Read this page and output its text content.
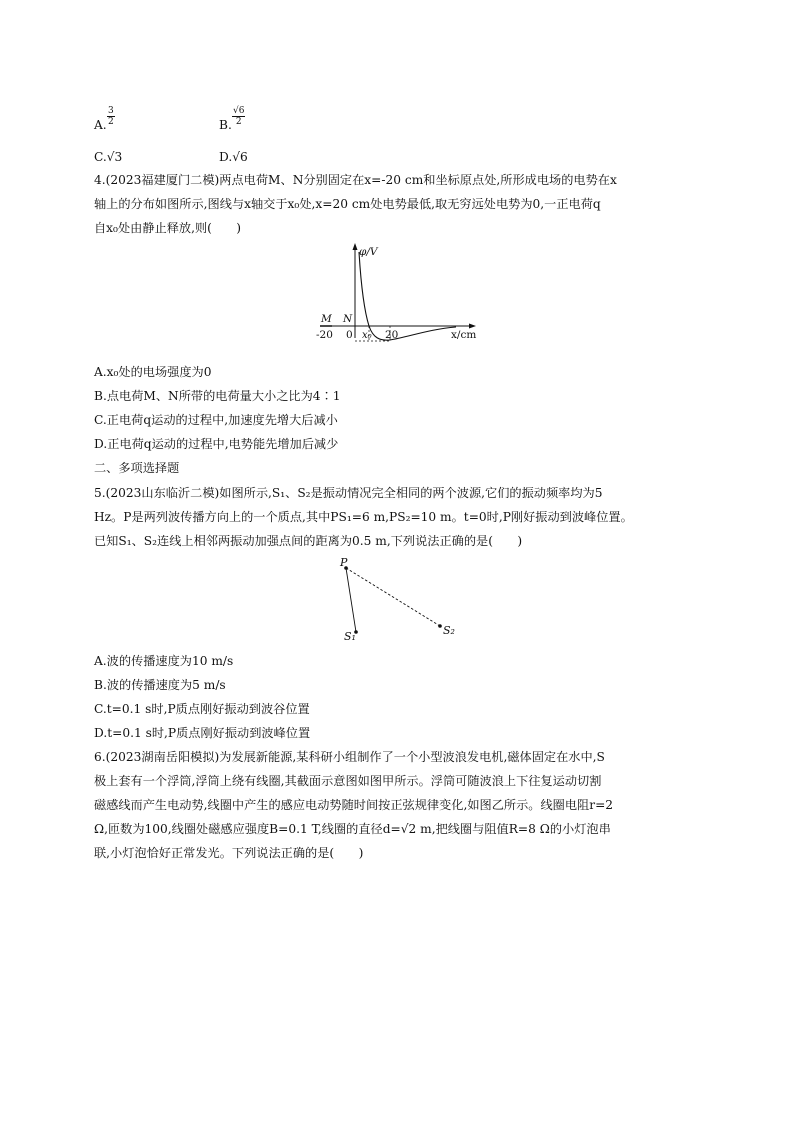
A. $\frac{3}{2}$	B. $\frac{√6}{2}$
C.√3	D.√6
4.(2023福建厦门二模)两点电荷M、N分别固定在x=-20 cm和坐标原点处,所形成电场的电势在x
轴上的分布如图所示,图线与x轴交于x₀处,x=20 cm处电势最低,取无穷远处电势为0,一正电荷q
自x₀处由静止释放,则(　　)
φ/V
x/cm
M N
-20 0 x₀ 20
A.x₀处的电场强度为0
B.点电荷M、N所带的电荷量大小之比为4∶1
C.正电荷q运动的过程中,加速度先增大后减小
D.正电荷q运动的过程中,电势能先增加后减少
二、多项选择题
5.(2023山东临沂二模)如图所示,S₁、S₂是振动情况完全相同的两个波源,它们的振动频率均为5
Hz。P是两列波传播方向上的一个质点,其中PS₁=6 m,PS₂=10 m。t=0时,P刚好振动到波峰位置。
已知S₁、S₂连线上相邻两振动加强点间的距离为0.5 m,下列说法正确的是(　　)
P
S₁	S₂
A.波的传播速度为10 m/s
B.波的传播速度为5 m/s
C.t=0.1 s时,P质点刚好振动到波谷位置
D.t=0.1 s时,P质点刚好振动到波峰位置
6.(2023湖南岳阳模拟)为发展新能源,某科研小组制作了一个小型波浪发电机,磁体固定在水中,S
极上套有一个浮筒,浮筒上绕有线圈,其截面示意图如图甲所示。浮筒可随波浪上下往复运动切割
磁感线而产生电动势,线圈中产生的感应电动势随时间按正弦规律变化,如图乙所示。线圈电阻r=2
Ω,匝数为100,线圈处磁感应强度B=0.1 T,线圈的直径d=√2 m,把线圈与阻值R=8 Ω的小灯泡串
联,小灯泡恰好正常发光。下列说法正确的是(　　)
